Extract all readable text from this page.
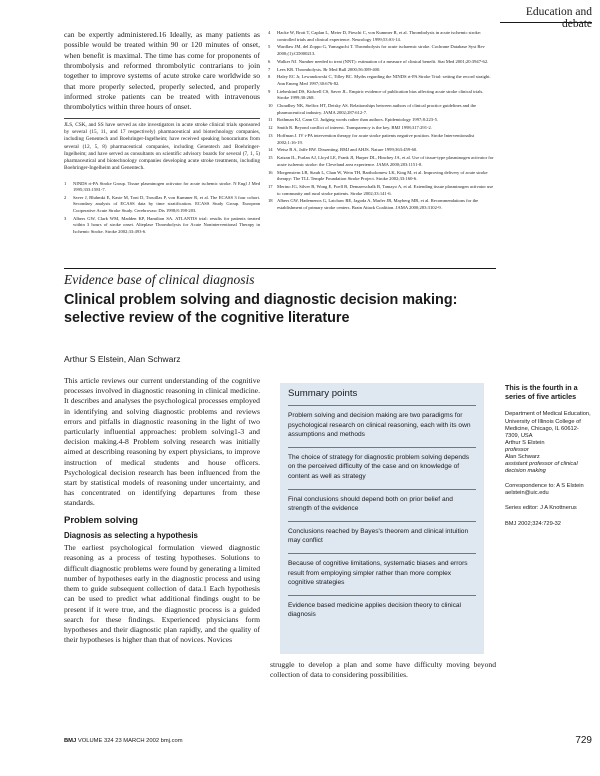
Education and debate

can be expertly administered.16 Ideally, as many patients as possible would be treated within 90 or 120 minutes of onset, when benefit is maximal. The time has come for proponents of thrombolysis and reformed thrombolytic contrarians to join together to improve systems of acute stroke care worldwide so that more properly selected, properly selected, and properly informed stroke patients can be treated with intravenous thrombolytics within three hours of onset.

JLS, CSK, and SS have served as site investigators in acute stroke clinical trials sponsored by several (15, 11, and 17 respectively) pharmaceutical and biotechnology companies, including Genentech and Boehringer-Ingelheim; have received speaking honorariums from several (12, 5, 8) pharmaceutical companies, including Genentech and Boehringer-Ingelheim; and have served as consultants on scientific advisory boards for several (7, 1, 5) pharmaceutical and biotechnology companies developing acute stroke treatments, including Boehringer-Ingelheim and Genentech.

1	NINDS rt-PA Stroke Group. Tissue plasminogen activator for acute ischemic stroke. N Engl J Med 1995;333:1581-7.
2	Saver J, Bluhmki E, Kaste M, Toni D, Trouillas P, von Kummer R, et al. The ECASS 3 four cohort. Secondary analysis of ECASS data by time stratification. ECASS Study Group. European Cooperative Acute Stroke Study. Cerebrovasc Dis 1998;8:198-203.
3	Albers GW, Clark WM, Madden KP, Hamilton SA. ATLANTIS trial: results for patients treated within 3 hours of stroke onset. Alteplase Thrombolysis for Acute Noninterventional Therapy in Ischemic Stroke. Stroke 2002;33:493-6.
4	Hacke W, Brott T, Caplan L, Meier D, Fieschi C, von Kummer R, et al. Thrombolysis in acute ischemic stroke: controlled trials and clinical experience. Neurology 1999;53:S3-14.
5	Wardlaw JM, del Zoppo G, Yamaguchi T. Thrombolysis for acute ischaemic stroke. Cochrane Database Syst Rev 2000;(1):CD000213.
6	Walker NJ. Number needed to treat (NNT): estimation of a measure of clinical benefit. Stat Med 2001;20:3947-62.
7	Lees KR. Thrombolysis. Br Med Bull 2000;56:389-400.
8	Haley EC Jr, Lewandowski C, Tilley BC. Myths regarding the NINDS rt-PA Stroke Trial: setting the record straight. Ann Emerg Med 1997;30:676-82.
9	Liebeskind DS, Kidwell CS, Saver JL. Empiric evidence of publication bias affecting acute stroke clinical trials. Stroke 1999;30:268.
10 Choudhry NK, Stelfox HT, Detsky AS. Relationships between authors of clinical practice guidelines and the pharmaceutical industry. JAMA 2002;287:612-7.
11 Rothman KJ, Cann CI. Judging words rather than authors. Epidemiology 1997;8:223-5.
12 Smith R. Beyond conflict of interest. Transparency is the key. BMJ 1998;317:291-2.
13 Hoffman J. IV t-PA intervention therapy for acute stroke patients negative position. Stroke Interventionalist 2002;1:16-19.
14 Weisz B A, Jaffe BW. Dissenting. BMJ and AHJS. Nature 1999;363:459-60.
15 Katzan IL, Furlan AJ, Lloyd LE, Frank JI, Harper DL, Hinchey JA, et al. Use of tissue-type plasminogen activator for acute ischemic stroke: the Cleveland area experience. JAMA 2000;283:1151-8.
16 Morgenstern LB, Staub L, Chan W, Wein TH, Bartholomew LK, King M, et al. Improving delivery of acute stroke therapy: The TLL Temple Foundation Stroke Project. Stroke 2002;33:160-6.
17 Merino JG, Silver B, Wong E, Foell B, Demaerschalk B, Tamayo A, et al. Extending tissue plasminogen activator use to community and rural stroke patients. Stroke 2002;33:141-6.
18 Albers GW, Hademenos G, Latchaw RE, Jagoda A, Marler JR, Mayberg MR, et al. Recommendations for the establishment of primary stroke centers. Brain Attack Coalition. JAMA 2000;283:3102-9.
Evidence base of clinical diagnosis
Clinical problem solving and diagnostic decision making: selective review of the cognitive literature
Arthur S Elstein, Alan Schwarz

This article reviews our current understanding of the cognitive processes involved in diagnostic reasoning in clinical medicine. It describes and analyses the psychological processes employed in identifying and solving diagnostic problems and reviews errors and pitfalls in diagnostic reasoning in the light of two particularly influential approaches: problem solving1-3 and decision making.4-8 Problem solving research was initially aimed at describing reasoning by expert physicians, to improve instruction of medical students and house officers. Psychological decision research has been influenced from the start by statistical models of reasoning under uncertainty, and has concentrated on identifying departures from these standards.

Problem solving
Diagnosis as selecting a hypothesis

The earliest psychological formulation viewed diagnostic reasoning as a process of testing hypotheses. Solutions to difficult diagnostic problems were found by generating a limited number of hypotheses early in the diagnostic process and using them to guide subsequent collection of data.1 Each hypothesis can be used to predict what additional findings ought to be present if it were true, and the diagnostic process is a guided search for these findings. Experienced physicians form hypotheses and their diagnostic plan rapidly, and the quality of their hypotheses is higher than that of novices. Novices

Summary points
Problem solving and decision making are two paradigms for psychological research on clinical reasoning, each with its own assumptions and methods
The choice of strategy for diagnostic problem solving depends on the perceived difficulty of the case and on knowledge of content as well as strategy
Final conclusions should depend both on prior belief and strength of the evidence
Conclusions reached by Bayes's theorem and clinical intuition may conflict
Because of cognitive limitations, systematic biases and errors result from employing simpler rather than more complex cognitive strategies
Evidence based medicine applies decision theory to clinical diagnosis

struggle to develop a plan and some have difficulty moving beyond collection of data to considering possibilities.

This is the fourth in a series of five articles
Department of Medical Education, University of Illinois College of Medicine, Chicago, IL 60612-7309, USA
Arthur S Elstein
professor
Alan Schwarz
assistant professor of clinical decision making
Correspondence to: A S Elstein aelstein@uic.edu
Series editor: J A Knottnerus
BMJ 2002;324:729-32
BMJ VOLUME 324 23 MARCH 2002 bmj.com	729
